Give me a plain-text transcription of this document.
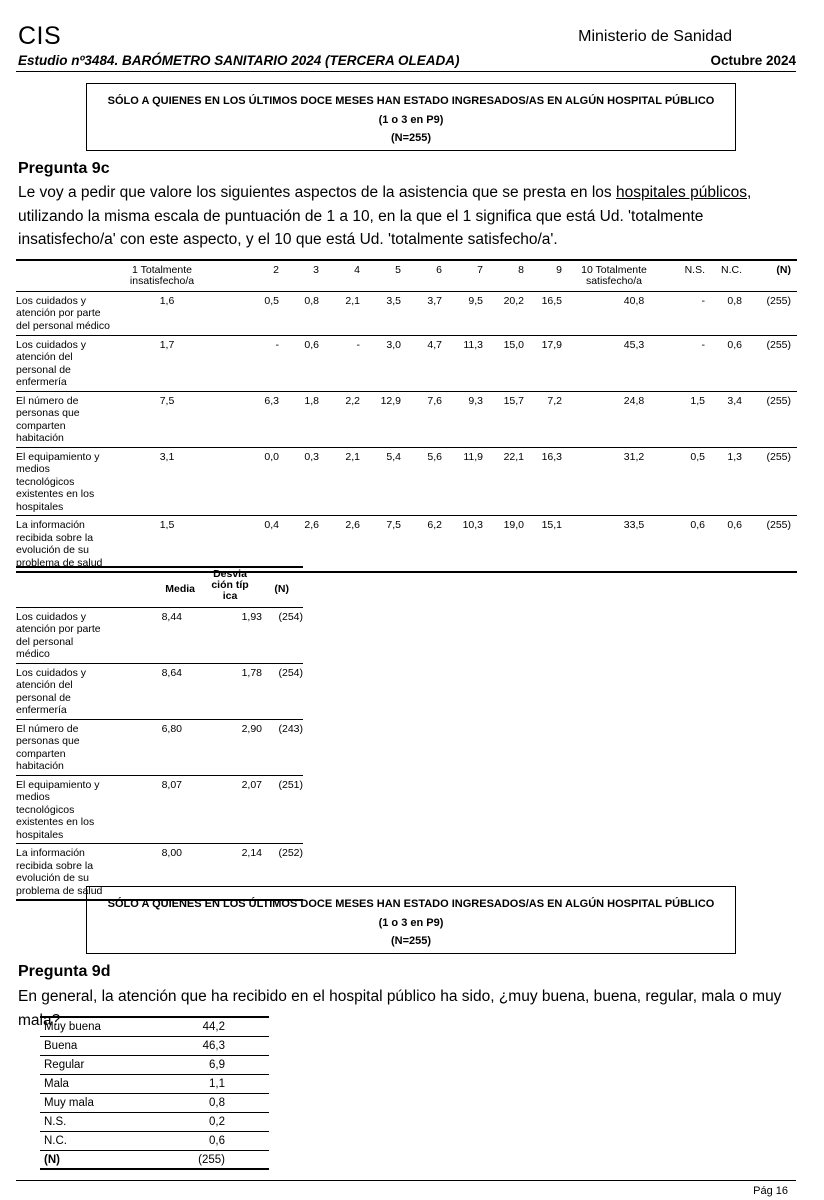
CIS	Ministerio de Sanidad
Estudio nº3484. BARÓMETRO SANITARIO 2024 (TERCERA OLEADA)	Octubre 2024
SÓLO A QUIENES EN LOS ÚLTIMOS DOCE MESES HAN ESTADO INGRESADOS/AS EN ALGÚN HOSPITAL PÚBLICO
(1 o 3 en P9)
(N=255)
Pregunta 9c
Le voy a pedir que valore los siguientes aspectos de la asistencia que se presta en los hospitales públicos, utilizando la misma escala de puntuación de 1 a 10, en la que el 1 significa que está Ud. 'totalmente insatisfecho/a' con este aspecto, y el 10 que está Ud. 'totalmente satisfecho/a'.
	1 Totalmente insatisfecho/a	2	3	4	5	6	7	8	9	10 Totalmente satisfecho/a	N.S.	N.C.	(N)
Los cuidados y atención por parte del personal médico	1,6	0,5	0,8	2,1	3,5	3,7	9,5	20,2	16,5	40,8	-	0,8	(255)
Los cuidados y atención del personal de enfermería	1,7	-	0,6	-	3,0	4,7	11,3	15,0	17,9	45,3	-	0,6	(255)
El número de personas que comparten habitación	7,5	6,3	1,8	2,2	12,9	7,6	9,3	15,7	7,2	24,8	1,5	3,4	(255)
El equipamiento y medios tecnológicos existentes en los hospitales	3,1	0,0	0,3	2,1	5,4	5,6	11,9	22,1	16,3	31,2	0,5	1,3	(255)
La información recibida sobre la evolución de su problema de salud	1,5	0,4	2,6	2,6	7,5	6,2	10,3	19,0	15,1	33,5	0,6	0,6	(255)
	Media	Desviación típica	(N)
Los cuidados y atención por parte del personal médico	8,44	1,93	(254)
Los cuidados y atención del personal de enfermería	8,64	1,78	(254)
El número de personas que comparten habitación	6,80	2,90	(243)
El equipamiento y medios tecnológicos existentes en los hospitales	8,07	2,07	(251)
La información recibida sobre la evolución de su problema de salud	8,00	2,14	(252)
SÓLO A QUIENES EN LOS ÚLTIMOS DOCE MESES HAN ESTADO INGRESADOS/AS EN ALGÚN HOSPITAL PÚBLICO
(1 o 3 en P9)
(N=255)
Pregunta 9d
En general, la atención que ha recibido en el hospital público ha sido, ¿muy buena, buena, regular, mala o muy mala?
Muy buena	44,2
Buena	46,3
Regular	6,9
Mala	1,1
Muy mala	0,8
N.S.	0,2
N.C.	0,6
(N)	(255)
Pág 16
